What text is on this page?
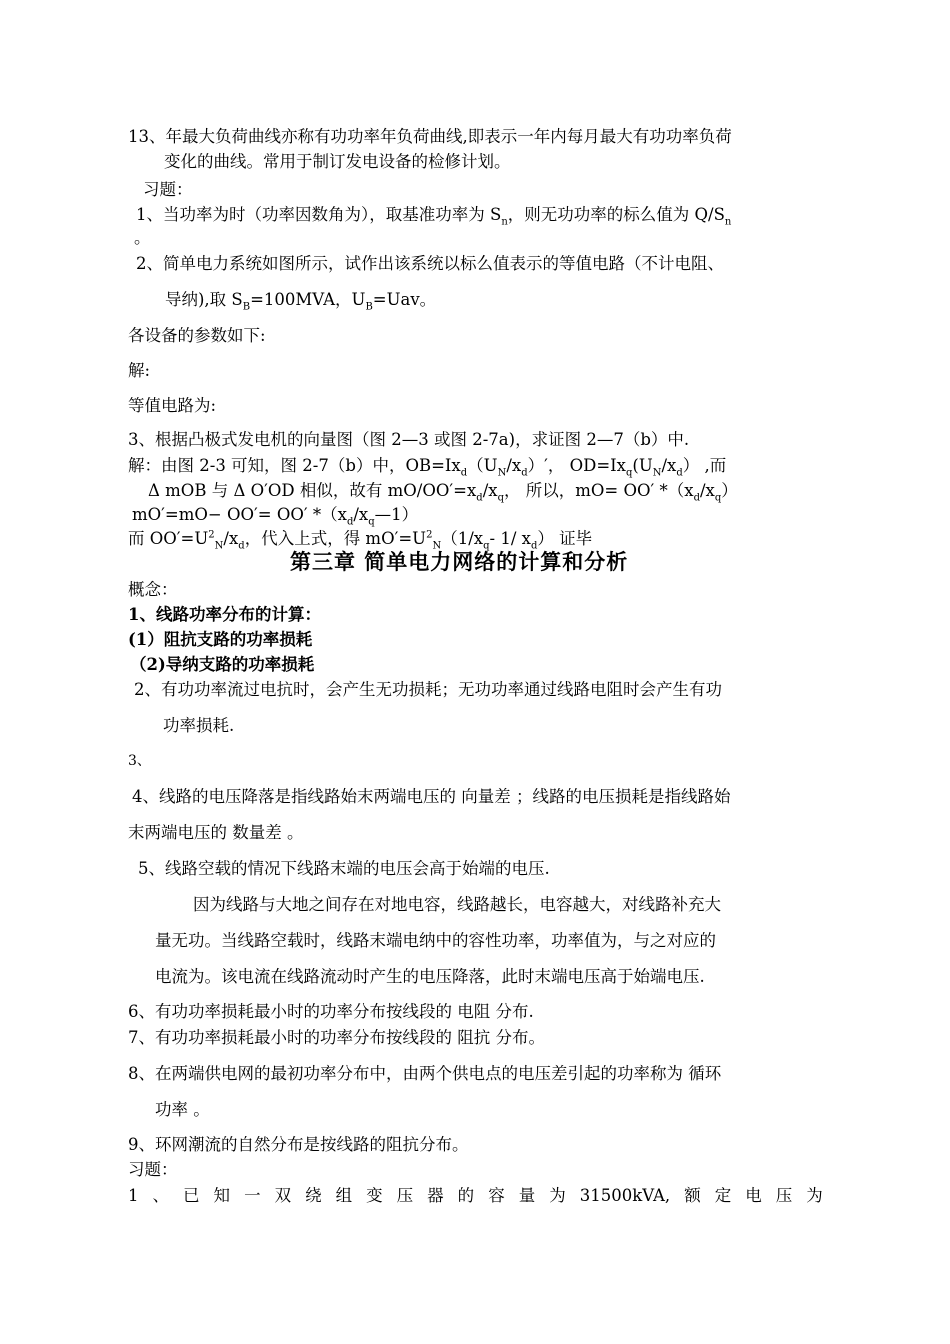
13、年最大负荷曲线亦称有功功率年负荷曲线,即表示一年内每月最大有功功率负荷
变化的曲线。常用于制订发电设备的检修计划。
习题：
1、当功率为时（功率因数角为），取基准功率为 $S_n$，则无功功率的标么值为 $Q/S_n$
。
2、简单电力系统如图所示，试作出该系统以标么值表示的等值电路（不计电阻、
导纳),取 $S_B=100MVA$，$U_B=Uav$。
各设备的参数如下:
解:
等值电路为:
3、根据凸极式发电机的向量图（图 2—3 或图 2-7a)，求证图 2—7（b）中.
解：由图 2-3 可知，图 2-7（b）中，$OB=Ix_d(U_N/x_d)'$， $OD=Ix_q(U_N/x_d)$ ,而
Δ mOB 与 Δ O′OD 相似，故有 $mO/OO'=x_d/x_q$， 所以，mO= OO′ $*(x_d/x_q)$
mO′=mO− OO′= OO′ $*(x_d/x_q—1)$
而 $OO'=U^2_N/x_d$，代入上式，得 $mO'=U^2_N(1/x_q-$ 1/ $x_d$） 证毕
第三章 简单电力网络的计算和分析
概念：
1、线路功率分布的计算：
(1）阻抗支路的功率损耗
（2)导纳支路的功率损耗
2、有功功率流过电抗时，会产生无功损耗；无功功率通过线路电阻时会产生有功
功率损耗.
3、
4、线路的电压降落是指线路始末两端电压的 向量差 ；线路的电压损耗是指线路始
末两端电压的 数量差 。
5、线路空载的情况下线路末端的电压会高于始端的电压.
因为线路与大地之间存在对地电容，线路越长，电容越大，对线路补充大
量无功。当线路空载时，线路末端电纳中的容性功率，功率值为，与之对应的
电流为。该电流在线路流动时产生的电压降落，此时末端电压高于始端电压.
6、有功功率损耗最小时的功率分布按线段的 电阻 分布.
7、有功功率损耗最小时的功率分布按线段的 阻抗 分布。
8、在两端供电网的最初功率分布中，由两个供电点的电压差引起的功率称为 循环
功率 。
9、环网潮流的自然分布是按线路的阻抗分布。
习题：
1 、 已 知 一 双 绕 组 变 压 器 的 容 量 为 31500kVA, 额 定 电 压 为
